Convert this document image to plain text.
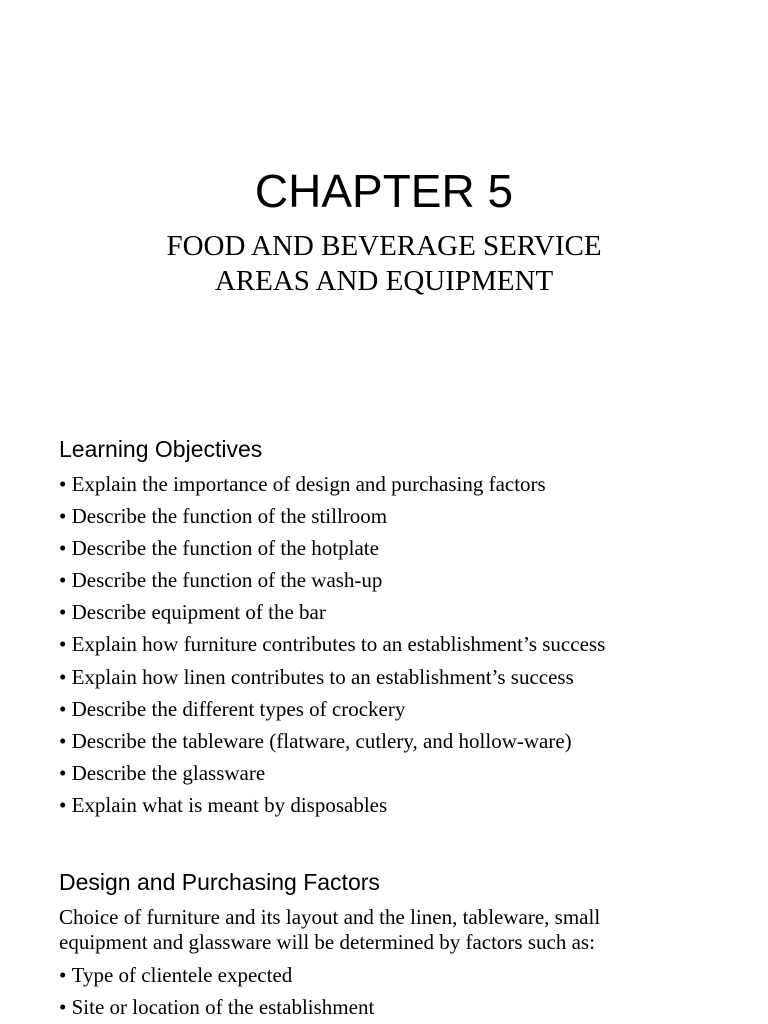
CHAPTER 5
FOOD AND BEVERAGE SERVICE
AREAS AND EQUIPMENT
Learning Objectives
• Explain the importance of design and purchasing factors
• Describe the function of the stillroom
• Describe the function of the hotplate
• Describe the function of the wash-up
• Describe equipment of the bar
• Explain how furniture contributes to an establishment’s success
• Explain how linen contributes to an establishment’s success
• Describe the different types of crockery
• Describe the tableware (flatware, cutlery, and hollow-ware)
• Describe the glassware
• Explain what is meant by disposables
Design and Purchasing Factors

Choice of furniture and its layout and the linen, tableware, small
equipment and glassware will be determined by factors such as:

• Type of clientele expected
• Site or location of the establishment
